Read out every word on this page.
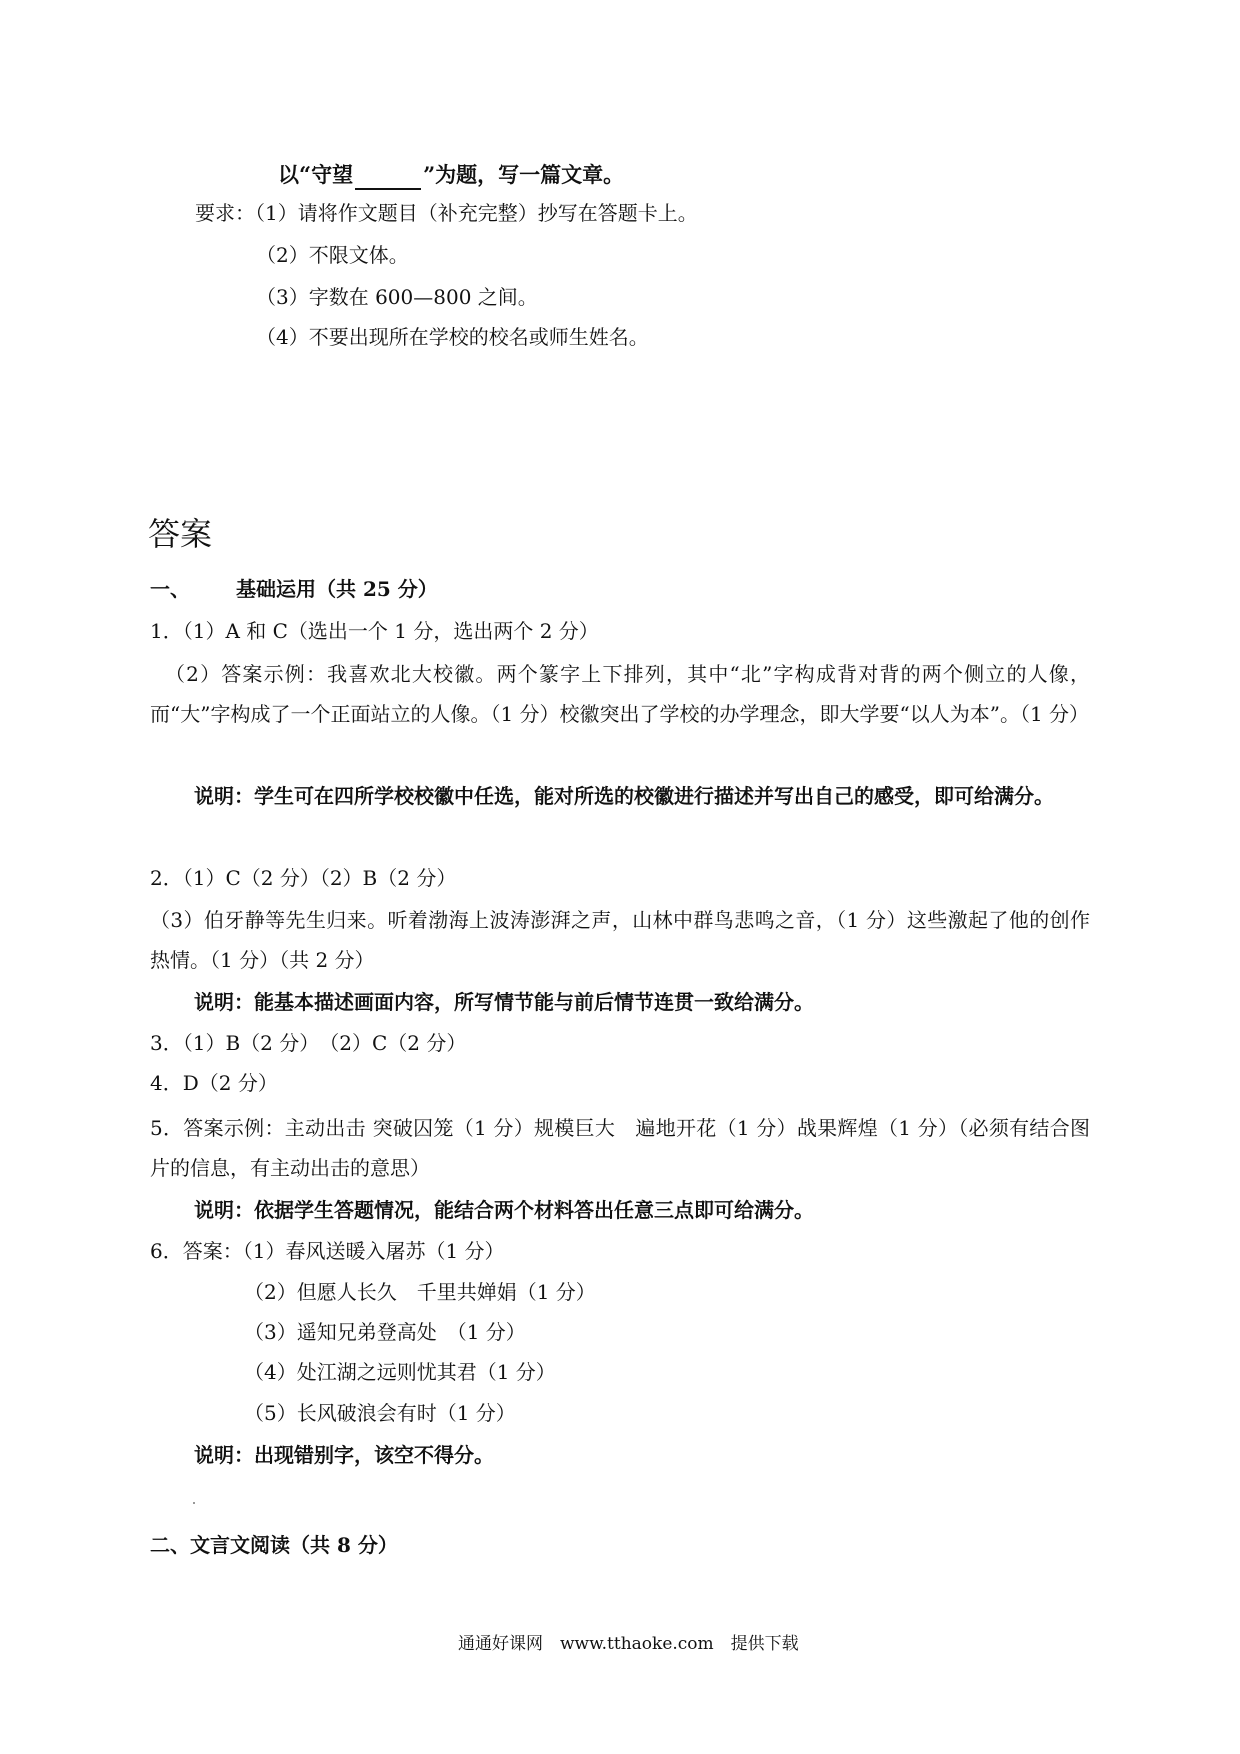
以“守望	”为题，写一篇文章。
要求：（1）请将作文题目（补充完整）抄写在答题卡上。
（2）不限文体。
（3）字数在 600—800 之间。
（4）不要出现所在学校的校名或师生姓名。
答案
一、 基础运用（共 25 分）
1．（1）A 和 C（选出一个 1 分，选出两个 2 分）
（2）答案示例：我喜欢北大校徽。两个篆字上下排列，其中“北”字构成背对背的两个侧立的人像，而“大”字构成了一个正面站立的人像。（1 分）校徽突出了学校的办学理念，即大学要“以人为本”。（1 分）
说明：学生可在四所学校校徽中任选，能对所选的校徽进行描述并写出自己的感受，即可给满分。
2．（1）C（2 分）（2）B（2 分）
（3）伯牙静等先生归来。听着渤海上波涛澎湃之声，山林中群鸟悲鸣之音，（1 分）这些激起了他的创作热情。（1 分）（共 2 分）
说明：能基本描述画面内容，所写情节能与前后情节连贯一致给满分。
3．（1）B（2 分）　（2）C（2 分）
4．D（2 分）
5．答案示例：主动出击 突破囚笼（1 分）规模巨大　遍地开花（1 分）战果辉煌（1 分）（必须有结合图片的信息，有主动出击的意思）
说明：依据学生答题情况，能结合两个材料答出任意三点即可给满分。
6．答案：（1）春风送暖入屠苏（1 分）
（2）但愿人长久　千里共婵娟（1 分）
（3）遥知兄弟登高处　（1 分）
（4）处江湖之远则忧其君（1 分）
（5）长风破浪会有时（1 分）
说明：出现错别字，该空不得分。
二、文言文阅读（共 8 分）
通通好课网　www.tthaoke.com　提供下载
